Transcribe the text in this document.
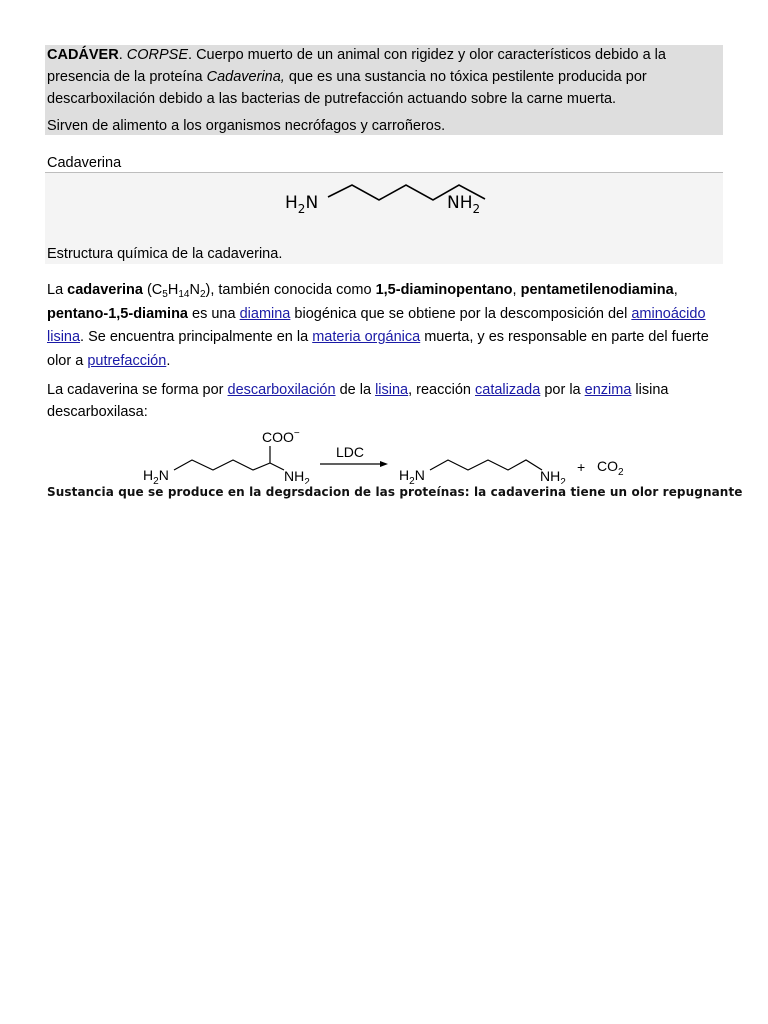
CADÁVER. CORPSE. Cuerpo muerto de un animal con rigidez y olor característicos debido a la presencia de la proteína Cadaverina, que es una sustancia no tóxica pestilente producida por descarboxilación debido a las bacterias de putrefacción actuando sobre la carne muerta.

Sirven de alimento a los organismos necrófagos y carroñeros.

Cadaverina

$H_2N$	$NH_2$

Estructura química de la cadaverina.

La cadaverina $(C_5H_{14}N_2)$, también conocida como 1,5-diaminopentano, pentametilenodiamina, pentano-1,5-diamina es una diamina biogénica que se obtiene por la descomposición del aminoácido lisina. Se encuentra principalmente en la materia orgánica muerta, y es responsable en parte del fuerte olor a putrefacción.

La cadaverina se forma por descarboxilación de la lisina, reacción catalizada por la enzima lisina descarboxilasa:

COO−
$H_2N$	$NH_2$
LDC
$H_2N$	$NH_2$
+ $CO_2$
Sustancia que se produce en la degrsdacion de las proteínas: la cadaverina tiene un olor repugnante
